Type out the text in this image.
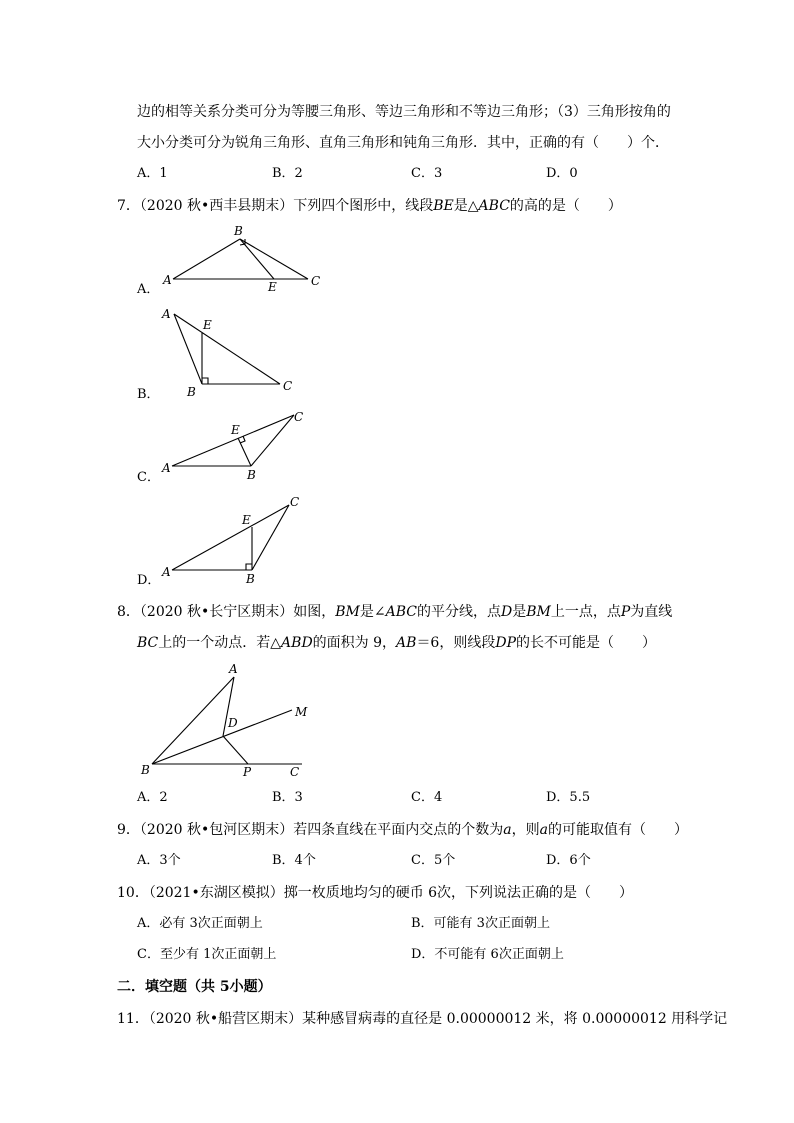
边的相等关系分类可分为等腰三角形、等边三角形和不等边三角形；（3）三角形按角的
大小分类可分为锐角三角形、直角三角形和钝角三角形．其中，正确的有（　　）个．
A．1	B．2	C．3	D．0
7．（2020 秋•西丰县期末）下列四个图形中，线段BE是△ABC的高的是（　　）
A．
B．
C．
D．
A
B
E	C
A
E
B	C
A
E
B
C
A
E
B
C
A
D
M
B	P	C
8．（2020 秋•长宁区期末）如图，BM是∠ABC的平分线，点D是BM上一点，点P为直线
BC上的一个动点．若△ABD的面积为 9，AB＝6，则线段DP的长不可能是（　　）
A．2	B．3	C．4	D．5.5
9．（2020 秋•包河区期末）若四条直线在平面内交点的个数为a，则a的可能取值有（　　）
A．3个	B．4个	C．5个	D．6个
10．（2021•东湖区模拟）掷一枚质地均匀的硬币 6次，下列说法正确的是（　　）
A．必有 3次正面朝上	B．可能有 3次正面朝上
C．至少有 1次正面朝上	D．不可能有 6次正面朝上
二．填空题（共 5小题）
11．（2020 秋•船营区期末）某种感冒病毒的直径是 0.00000012 米，将 0.00000012 用科学记
